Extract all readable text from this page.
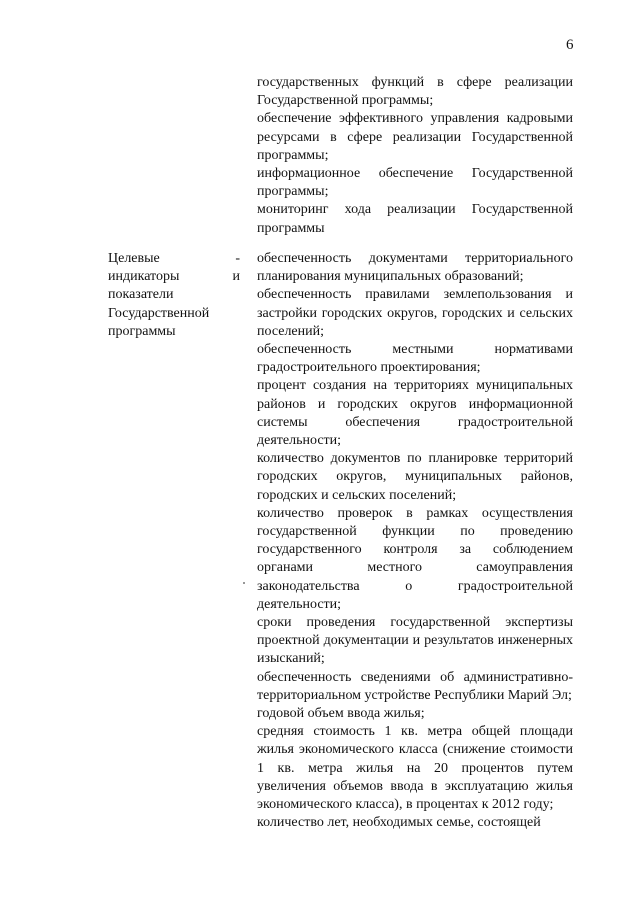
6
государственных функций в сфере реализации Государственной программы;
обеспечение эффективного управления кадровыми ресурсами в сфере реализации Государственной программы;
информационное обеспечение Государственной программы;
мониторинг хода реализации Государственной программы
Целевые	-
индикаторы	и
показатели
Государственной
программы
обеспеченность документами территориального планирования муниципальных образований;
обеспеченность правилами землепользования и застройки городских округов, городских и сельских поселений;
обеспеченность местными нормативами градостроительного проектирования;
процент создания на территориях муниципальных районов и городских округов информационной системы обеспечения градостроительной деятельности;
количество документов по планировке территорий городских округов, муниципальных районов, городских и сельских поселений;
количество проверок в рамках осуществления государственной функции по проведению государственного контроля за соблюдением органами местного самоуправления законодательства о градостроительной деятельности;
сроки проведения государственной экспертизы проектной документации и результатов инженерных изысканий;
обеспеченность сведениями об административно-территориальном устройстве Республики Марий Эл;
годовой объем ввода жилья;
средняя стоимость 1 кв. метра общей площади жилья экономического класса (снижение стоимости 1 кв. метра жилья на 20 процентов путем увеличения объемов ввода в эксплуатацию жилья экономического класса), в процентах к 2012 году;
количество лет, необходимых семье, состоящей
